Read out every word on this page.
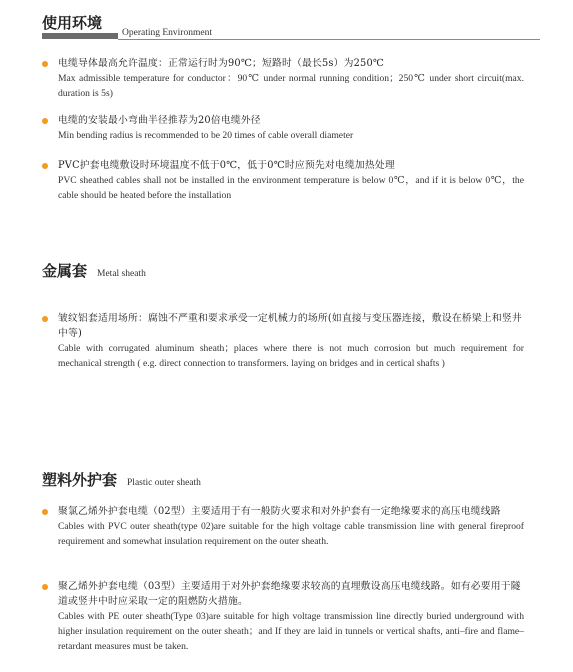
使用环境
Operating Environment
电缆导体最高允许温度：正常运行时为90℃；短路时（最长5s）为250℃
Max admissible temperature for conductor：90℃ under normal running condition；250℃ under short circuit(max. duration is 5s)
电缆的安装最小弯曲半径推荐为20倍电缆外径
Min bending radius is recommended to be 20 times of cable overall diameter
PVC护套电缆敷设时环境温度不低于0℃，低于0℃时应预先对电缆加热处理
PVC sheathed cables shall not be installed in the environment temperature is below 0℃，and if it is below 0℃，the cable should be heated before the installation
金属套 Metal sheath
皱纹铝套适用场所：腐蚀不严重和要求承受一定机械力的场所(如直接与变压器连接，敷设在桥梁上和竖井中等)
Cable with corrugated aluminum sheath；places where there is not much corrosion but much requirement for mechanical strength ( e.g. direct connection to transformers. laying on bridges and in certical shafts )
塑料外护套 Plastic outer sheath
聚氯乙烯外护套电缆（02型）主要适用于有一般防火要求和对外护套有一定绝缘要求的高压电缆线路
Cables with PVC outer sheath(type 02)are suitable for the high voltage cable transmission line with general fireproof requirement and somewhat insulation requirement on the outer sheath.
聚乙烯外护套电缆（03型）主要适用于对外护套绝缘要求较高的直埋敷设高压电缆线路。如有必要用于隧道或竖井中时应采取一定的阻燃防火措施。
Cables with PE outer sheath(Type 03)are suitable for high voltage transmission line directly buried underground with higher insulation requirement on the outer sheath；and If they are laid in tunnels or vertical shafts, anti–fire and flame–retardant measures must be taken.
